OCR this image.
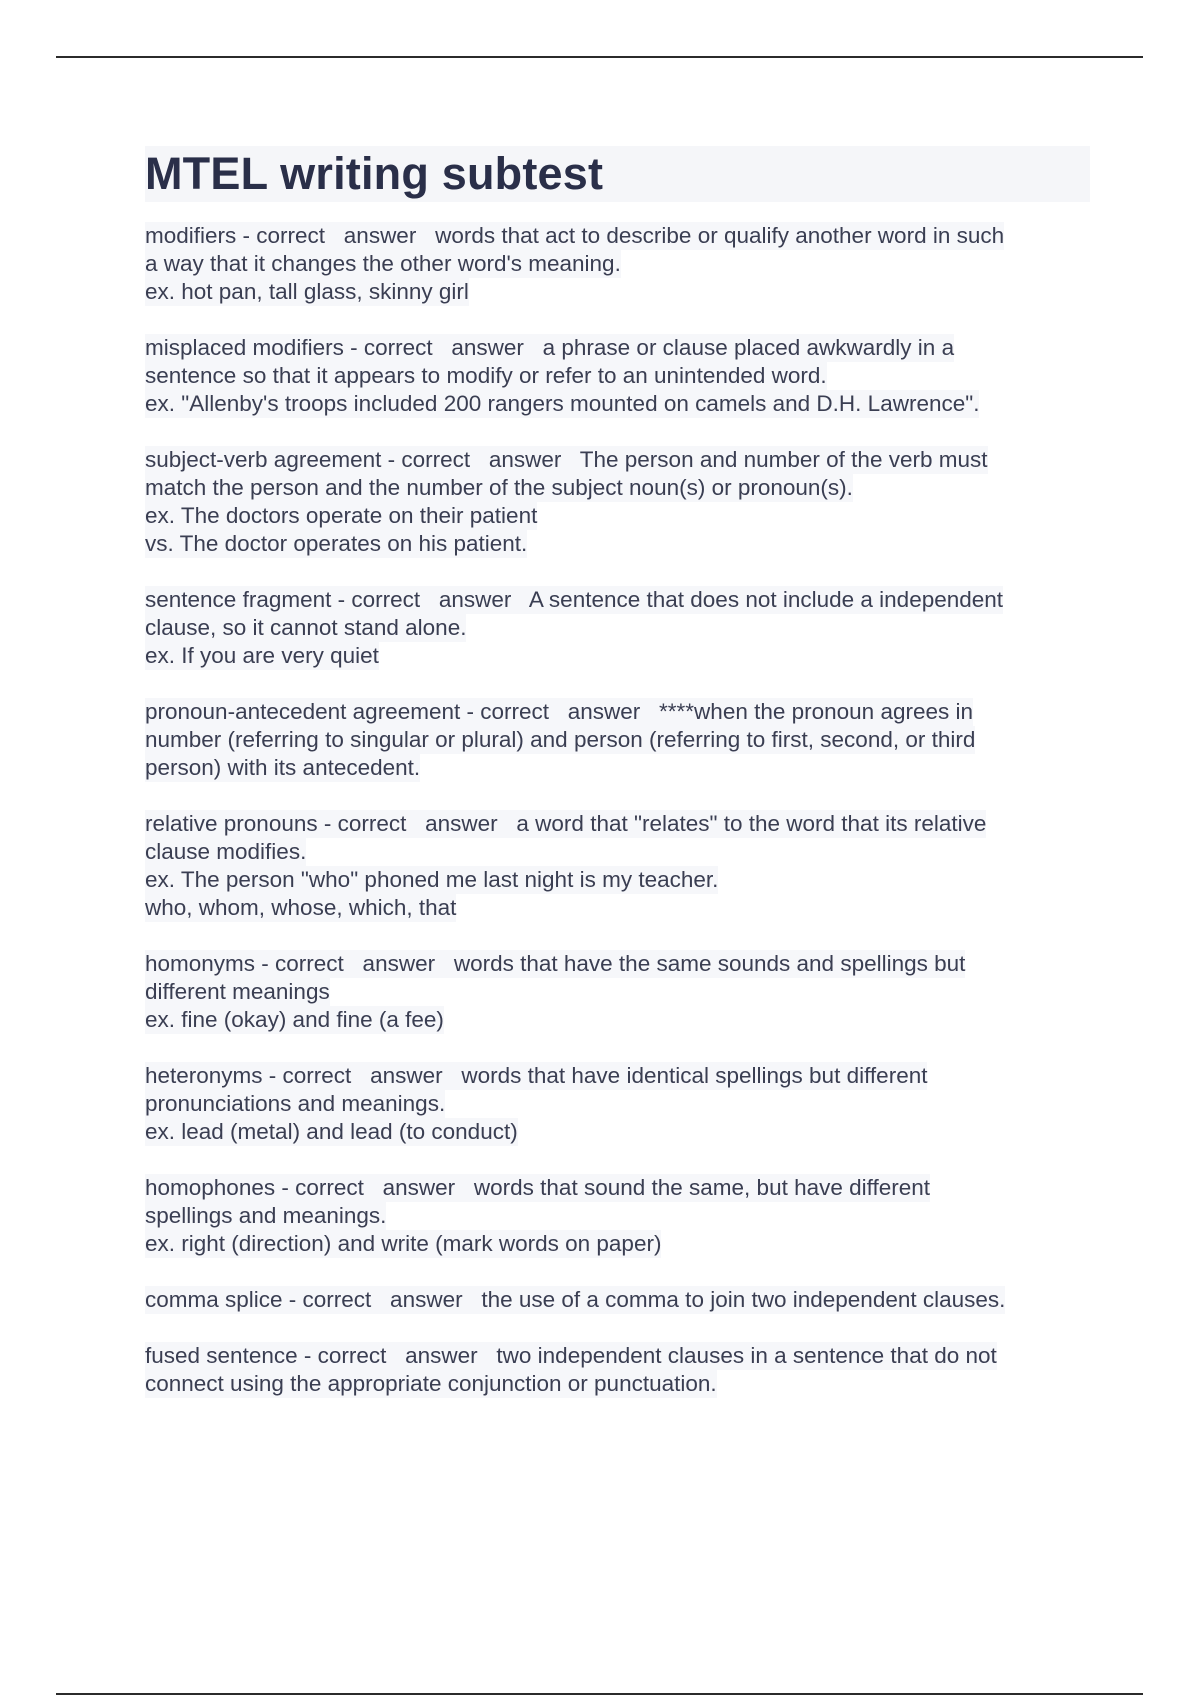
MTEL writing subtest
modifiers - correct   answer   words that act to describe or qualify another word in such
a way that it changes the other word's meaning.
ex. hot pan, tall glass, skinny girl
misplaced modifiers - correct   answer   a phrase or clause placed awkwardly in a
sentence so that it appears to modify or refer to an unintended word.
ex. "Allenby's troops included 200 rangers mounted on camels and D.H. Lawrence".
subject-verb agreement - correct   answer   The person and number of the verb must
match the person and the number of the subject noun(s) or pronoun(s).
ex. The doctors operate on their patient
vs. The doctor operates on his patient.
sentence fragment - correct   answer   A sentence that does not include a independent
clause, so it cannot stand alone.
ex. If you are very quiet
pronoun-antecedent agreement - correct   answer   ****when the pronoun agrees in
number (referring to singular or plural) and person (referring to first, second, or third
person) with its antecedent.
relative pronouns - correct   answer   a word that "relates" to the word that its relative
clause modifies.
ex. The person "who" phoned me last night is my teacher.
who, whom, whose, which, that
homonyms - correct   answer   words that have the same sounds and spellings but
different meanings
ex. fine (okay) and fine (a fee)
heteronyms - correct   answer   words that have identical spellings but different
pronunciations and meanings.
ex. lead (metal) and lead (to conduct)
homophones - correct   answer   words that sound the same, but have different
spellings and meanings.
ex. right (direction) and write (mark words on paper)
comma splice - correct   answer   the use of a comma to join two independent clauses.
fused sentence - correct   answer   two independent clauses in a sentence that do not
connect using the appropriate conjunction or punctuation.
